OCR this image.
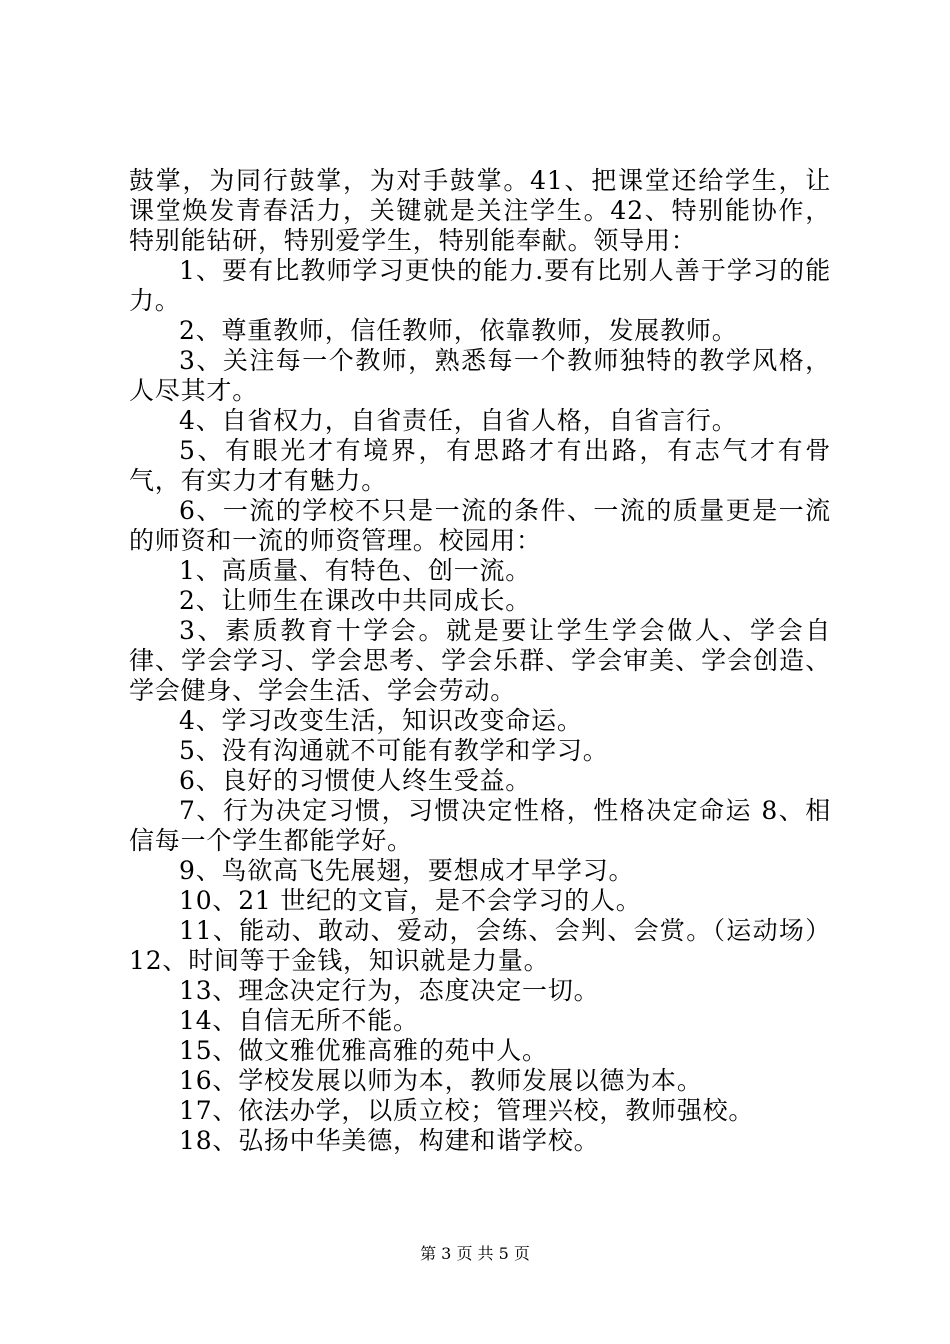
鼓掌，为同行鼓掌，为对手鼓掌。41、把课堂还给学生，让课堂焕发青春活力，关键就是关注学生。42、特别能协作，特别能钻研，特别爱学生，特别能奉献。领导用：

1、要有比教师学习更快的能力.要有比别人善于学习的能力。

2、尊重教师，信任教师，依靠教师，发展教师。

3、关注每一个教师，熟悉每一个教师独特的教学风格，人尽其才。

4、自省权力，自省责任，自省人格，自省言行。

5、有眼光才有境界，有思路才有出路，有志气才有骨气，有实力才有魅力。

6、一流的学校不只是一流的条件、一流的质量更是一流的师资和一流的师资管理。校园用：

1、高质量、有特色、创一流。

2、让师生在课改中共同成长。

3、素质教育十学会。就是要让学生学会做人、学会自律、学会学习、学会思考、学会乐群、学会审美、学会创造、学会健身、学会生活、学会劳动。

4、学习改变生活，知识改变命运。

5、没有沟通就不可能有教学和学习。

6、良好的习惯使人终生受益。

7、行为决定习惯，习惯决定性格，性格决定命运 8、相信每一个学生都能学好。

9、鸟欲高飞先展翅，要想成才早学习。

10、21 世纪的文盲，是不会学习的人。

11、能动、敢动、爱动，会练、会判、会赏。（运动场）12、时间等于金钱，知识就是力量。

13、理念决定行为，态度决定一切。

14、自信无所不能。

15、做文雅优雅高雅的苑中人。

16、学校发展以师为本，教师发展以德为本。

17、依法办学，以质立校；管理兴校，教师强校。

18、弘扬中华美德，构建和谐学校。

第 3 页 共 5 页
